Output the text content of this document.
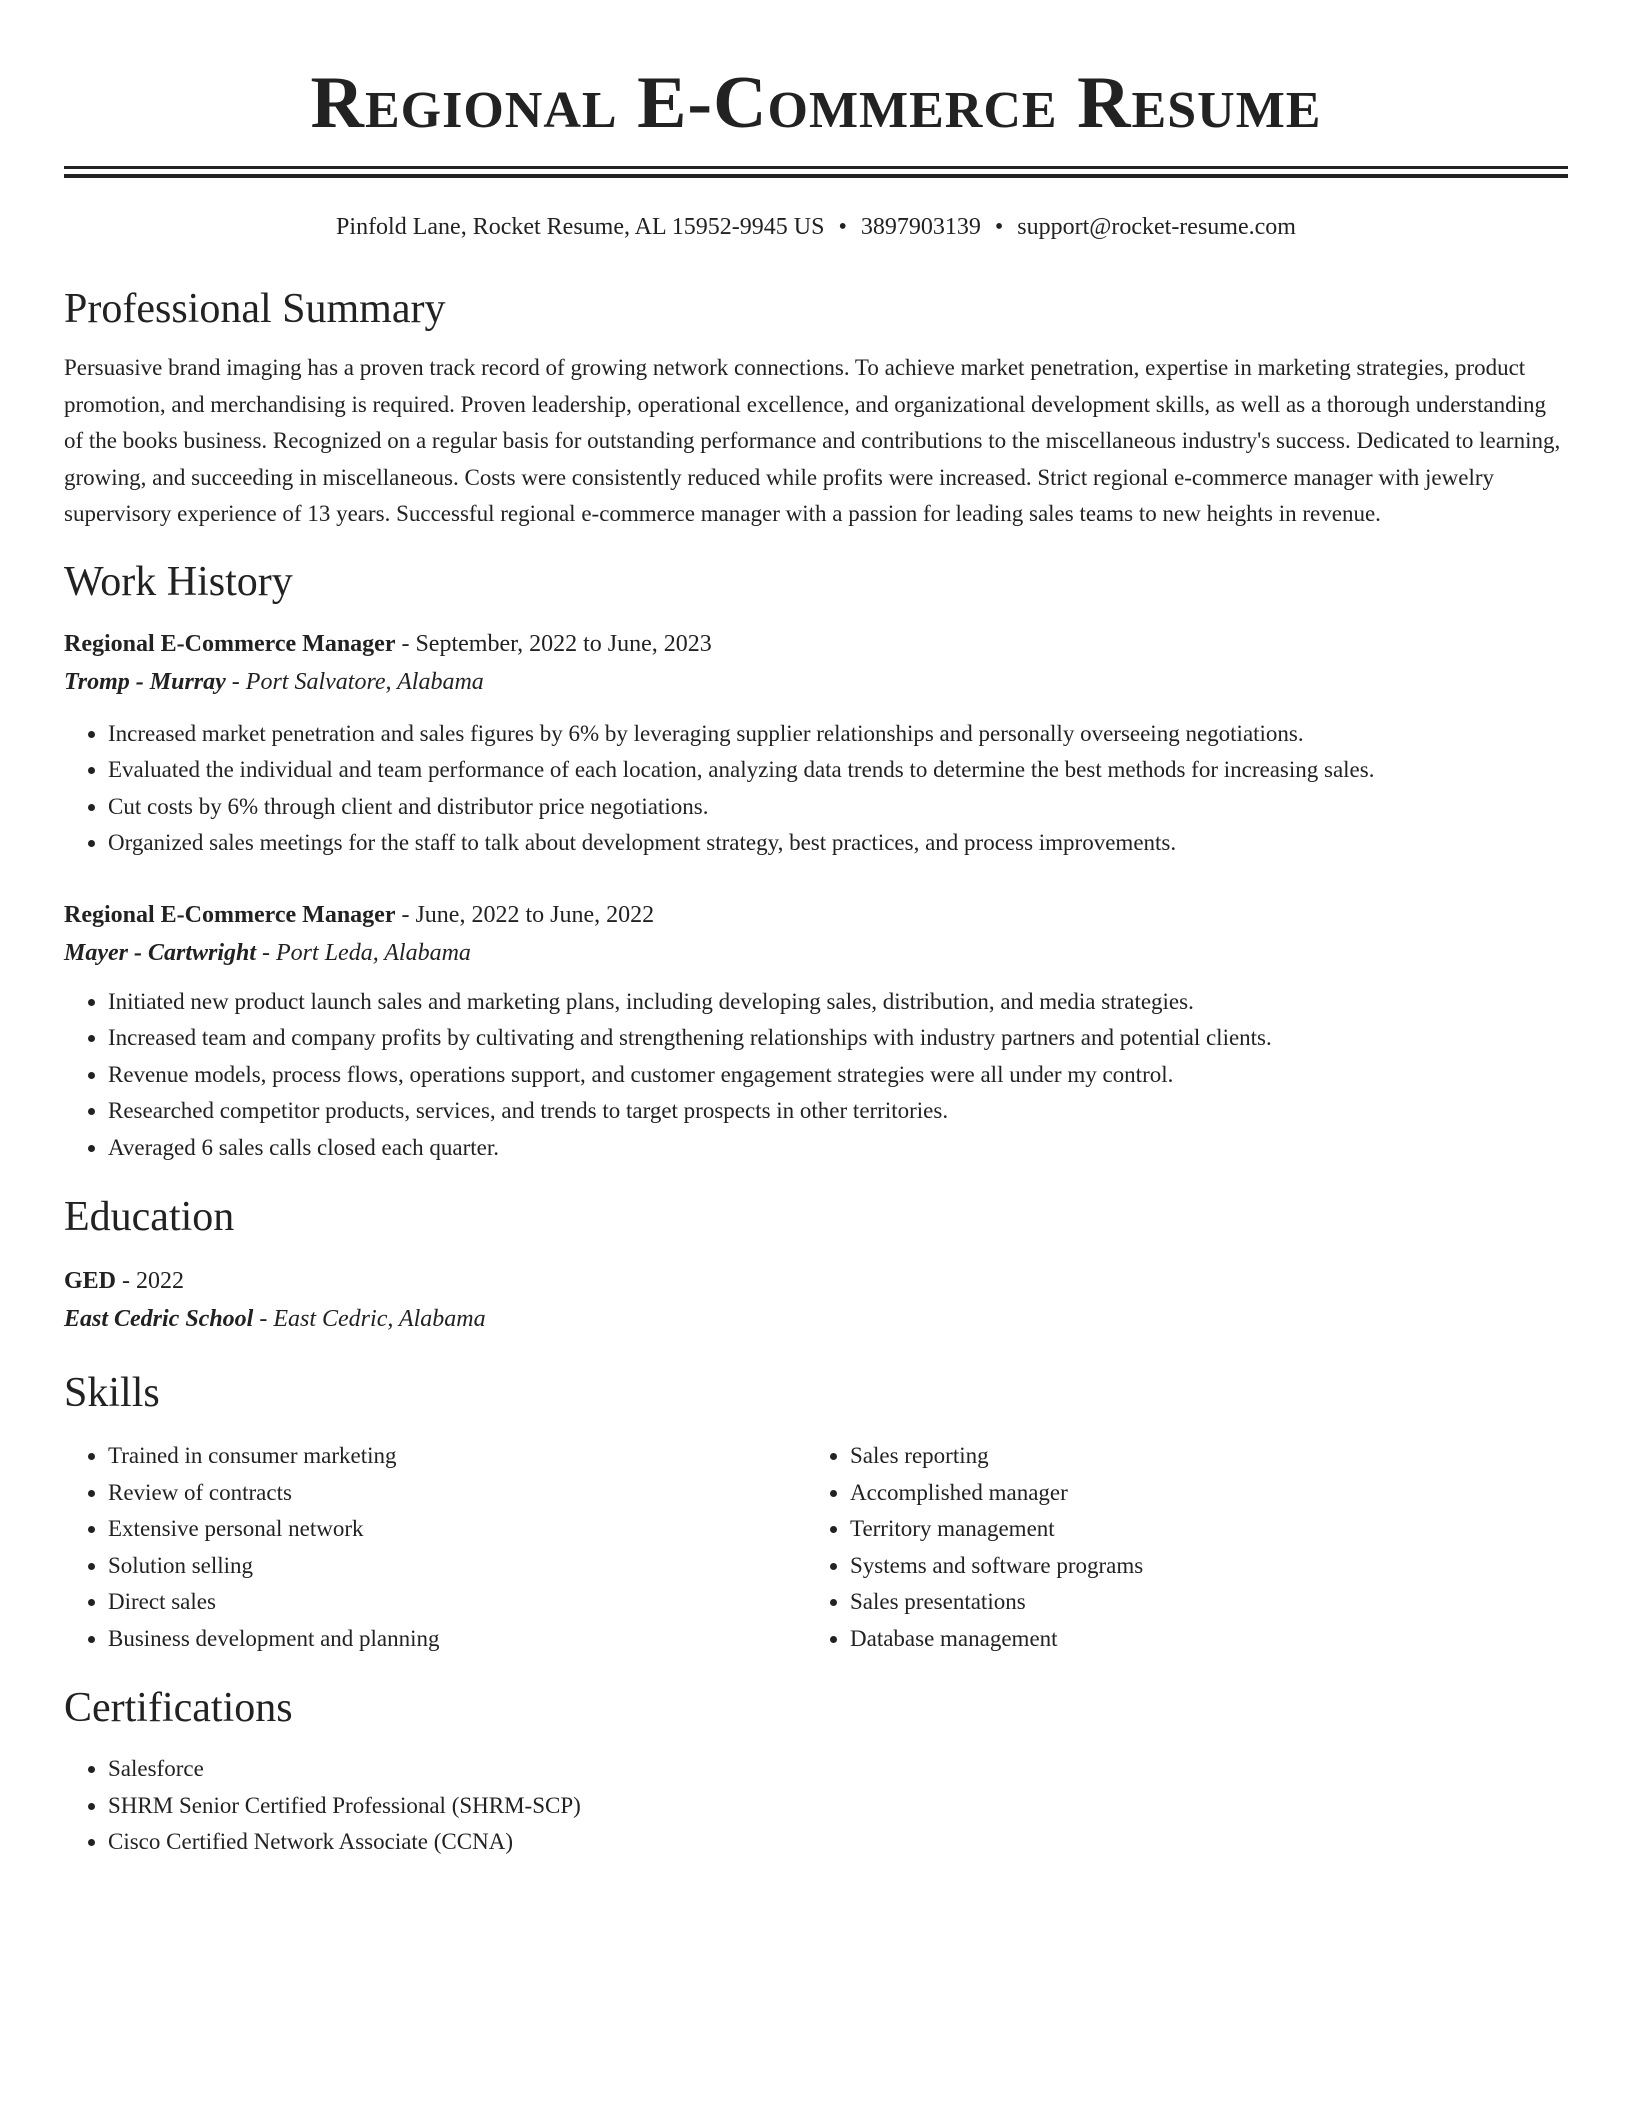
Regional E-Commerce Resume
Pinfold Lane, Rocket Resume, AL 15952-9945 US • 3897903139 • support@rocket-resume.com
Professional Summary

Persuasive brand imaging has a proven track record of growing network connections. To achieve market penetration, expertise in marketing strategies, product promotion, and merchandising is required. Proven leadership, operational excellence, and organizational development skills, as well as a thorough understanding of the books business. Recognized on a regular basis for outstanding performance and contributions to the miscellaneous industry's success. Dedicated to learning, growing, and succeeding in miscellaneous. Costs were consistently reduced while profits were increased. Strict regional e-commerce manager with jewelry supervisory experience of 13 years. Successful regional e-commerce manager with a passion for leading sales teams to new heights in revenue.

Work History
Regional E-Commerce Manager - September, 2022 to June, 2023
Tromp - Murray - Port Salvatore, Alabama
• Increased market penetration and sales figures by 6% by leveraging supplier relationships and personally overseeing negotiations.
• Evaluated the individual and team performance of each location, analyzing data trends to determine the best methods for increasing sales.
• Cut costs by 6% through client and distributor price negotiations.
• Organized sales meetings for the staff to talk about development strategy, best practices, and process improvements.
Regional E-Commerce Manager - June, 2022 to June, 2022
Mayer - Cartwright - Port Leda, Alabama
• Initiated new product launch sales and marketing plans, including developing sales, distribution, and media strategies.
• Increased team and company profits by cultivating and strengthening relationships with industry partners and potential clients.
• Revenue models, process flows, operations support, and customer engagement strategies were all under my control.
• Researched competitor products, services, and trends to target prospects in other territories.
• Averaged 6 sales calls closed each quarter.
Education
GED - 2022
East Cedric School - East Cedric, Alabama
Skills
• Trained in consumer marketing
• Review of contracts
• Extensive personal network
• Solution selling
• Direct sales
• Business development and planning
• Sales reporting
• Accomplished manager
• Territory management
• Systems and software programs
• Sales presentations
• Database management
Certifications
• Salesforce
• SHRM Senior Certified Professional (SHRM-SCP)
• Cisco Certified Network Associate (CCNA)
